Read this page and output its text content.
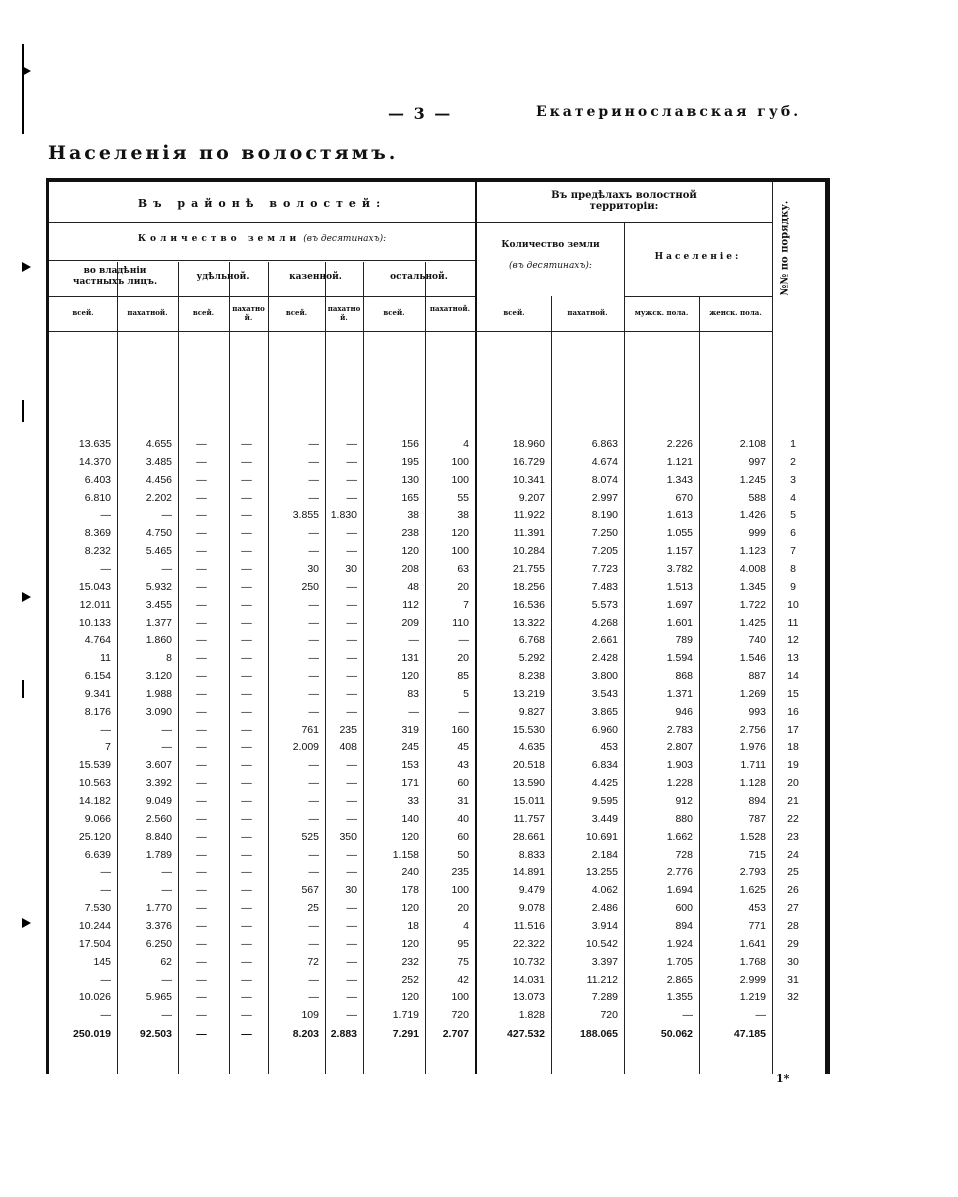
— 3 —	Екатеринославская губ.
Населенія по волостямъ.
Въ районѣ волостей:
Въ предѣлахъ волостной территоріи:	№№ по порядку.
Количество земли (въ десятинахъ):
во владѣніи частныхъ лицъ.	удѣльной.	казенной.	остальной.
Количество земли
(въ десятинахъ):
Населеніе:
всей.	пахатной.	всей.	пахатной.
всей.	пахатной.
всей.	пахатной.	всей.	пахатной.	мужск. пола.	женск. пола.
13.635	4.655	—	—	—	—	156	4	18.960	6.863	2.226	2.108	1
14.370	3.485	—	—	—	—	195	100	16.729	4.674	1.121	997	2
6.403	4.456	—	—	—	—	130	100	10.341	8.074	1.343	1.245	3
6.810	2.202	—	—	—	—	165	55	9.207	2.997	670	588	4
—	—	—	—	3.855	1.830	38	38	11.922	8.190	1.613	1.426	5
8.369	4.750	—	—	—	—	238	120	11.391	7.250	1.055	999	6
8.232	5.465	—	—	—	—	120	100	10.284	7.205	1.157	1.123	7
—	—	—	—	30	30	208	63	21.755	7.723	3.782	4.008	8
15.043	5.932	—	—	250	—	48	20	18.256	7.483	1.513	1.345	9
12.011	3.455	—	—	—	—	112	7	16.536	5.573	1.697	1.722	10
10.133	1.377	—	—	—	—	209	110	13.322	4.268	1.601	1.425	11
4.764	1.860	—	—	—	—	—	—	6.768	2.661	789	740	12
11	8	—	—	—	—	131	20	5.292	2.428	1.594	1.546	13
6.154	3.120	—	—	—	—	120	85	8.238	3.800	868	887	14
9.341	1.988	—	—	—	—	83	5	13.219	3.543	1.371	1.269	15
8.176	3.090	—	—	—	—	—	—	9.827	3.865	946	993	16
—	—	—	—	761	235	319	160	15.530	6.960	2.783	2.756	17
7	—	—	—	2.009	408	245	45	4.635	453	2.807	1.976	18
15.539	3.607	—	—	—	—	153	43	20.518	6.834	1.903	1.711	19
10.563	3.392	—	—	—	—	171	60	13.590	4.425	1.228	1.128	20
14.182	9.049	—	—	—	—	33	31	15.011	9.595	912	894	21
9.066	2.560	—	—	—	—	140	40	11.757	3.449	880	787	22
25.120	8.840	—	—	525	350	120	60	28.661	10.691	1.662	1.528	23
6.639	1.789	—	—	—	—	1.158	50	8.833	2.184	728	715	24
—	—	—	—	—	—	240	235	14.891	13.255	2.776	2.793	25
—	—	—	—	567	30	178	100	9.479	4.062	1.694	1.625	26
7.530	1.770	—	—	25	—	120	20	9.078	2.486	600	453	27
10.244	3.376	—	—	—	—	18	4	11.516	3.914	894	771	28
17.504	6.250	—	—	—	—	120	95	22.322	10.542	1.924	1.641	29
145	62	—	—	72	—	232	75	10.732	3.397	1.705	1.768	30
—	—	—	—	—	—	252	42	14.031	11.212	2.865	2.999	31
10.026	5.965	—	—	—	—	120	100	13.073	7.289	1.355	1.219	32
—	—	—	—	109	—	1.719	720	1.828	720	—	—
250.019	92.503	—	—	8.203	2.883	7.291	2.707	427.532	188.065	50.062	47.185
1*
